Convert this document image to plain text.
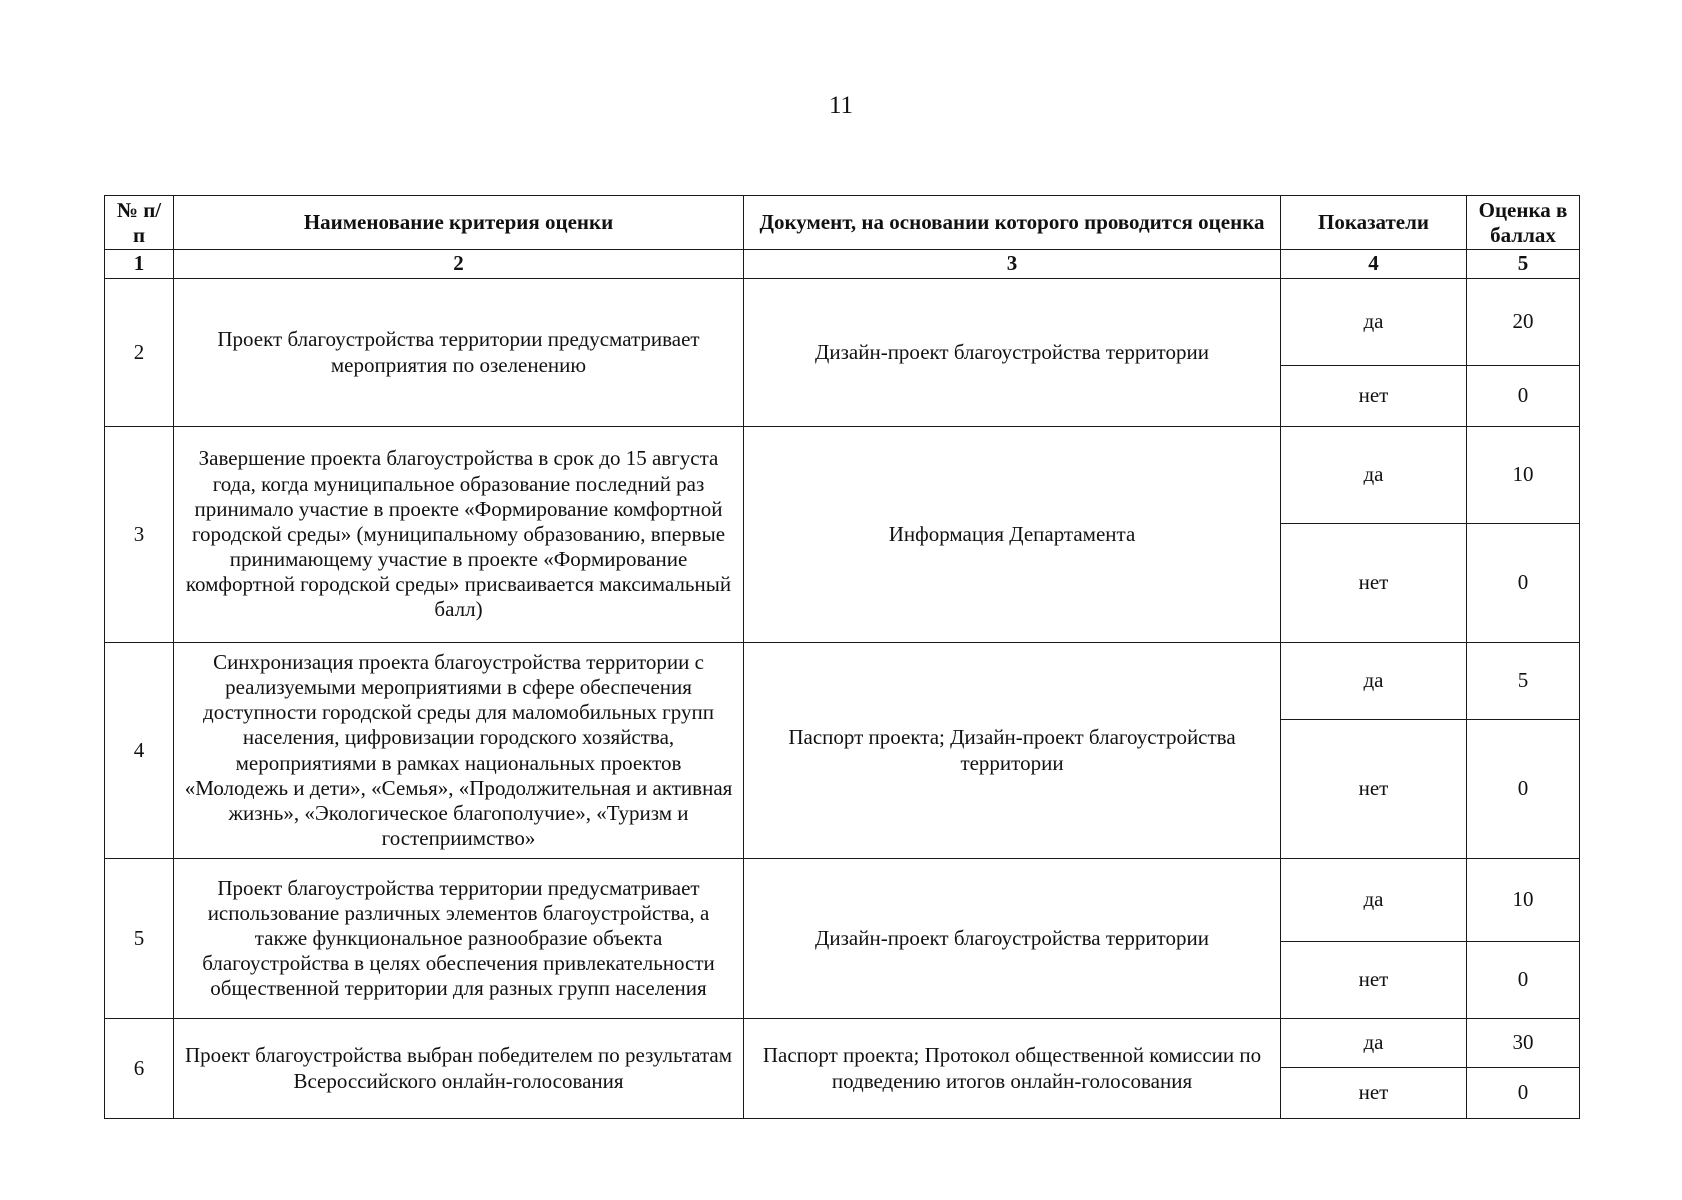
11
№ п/п	Наименование критерия оценки	Документ, на основании которого проводится оценка	Показатели	Оценка в баллах
1	2	3	4	5
2	Проект благоустройства территории предусматривает мероприятия по озеленению	Дизайн-проект благоустройства территории	да	20
			нет	0
3	Завершение проекта благоустройства в срок до 15 августа года, когда муниципальное образование последний раз принимало участие в проекте «Формирование комфортной городской среды» (муниципальному образованию, впервые принимающему участие в проекте «Формирование комфортной городской среды» присваивается максимальный балл)	Информация Департамента	да	10
			нет	0
4	Синхронизация проекта благоустройства территории с реализуемыми мероприятиями в сфере обеспечения доступности городской среды для маломобильных групп населения, цифровизации городского хозяйства, мероприятиями в рамках национальных проектов «Молодежь и дети», «Семья», «Продолжительная и активная жизнь», «Экологическое благополучие», «Туризм и гостеприимство»	Паспорт проекта; Дизайн-проект благоустройства территории	да	5
			нет	0
5	Проект благоустройства территории предусматривает использование различных элементов благоустройства, а также функциональное разнообразие объекта благоустройства в целях обеспечения привлекательности общественной территории для разных групп населения	Дизайн-проект благоустройства территории	да	10
			нет	0
6	Проект благоустройства выбран победителем по результатам Всероссийского онлайн-голосования	Паспорт проекта; Протокол общественной комиссии по подведению итогов онлайн-голосования	да	30
			нет	0
